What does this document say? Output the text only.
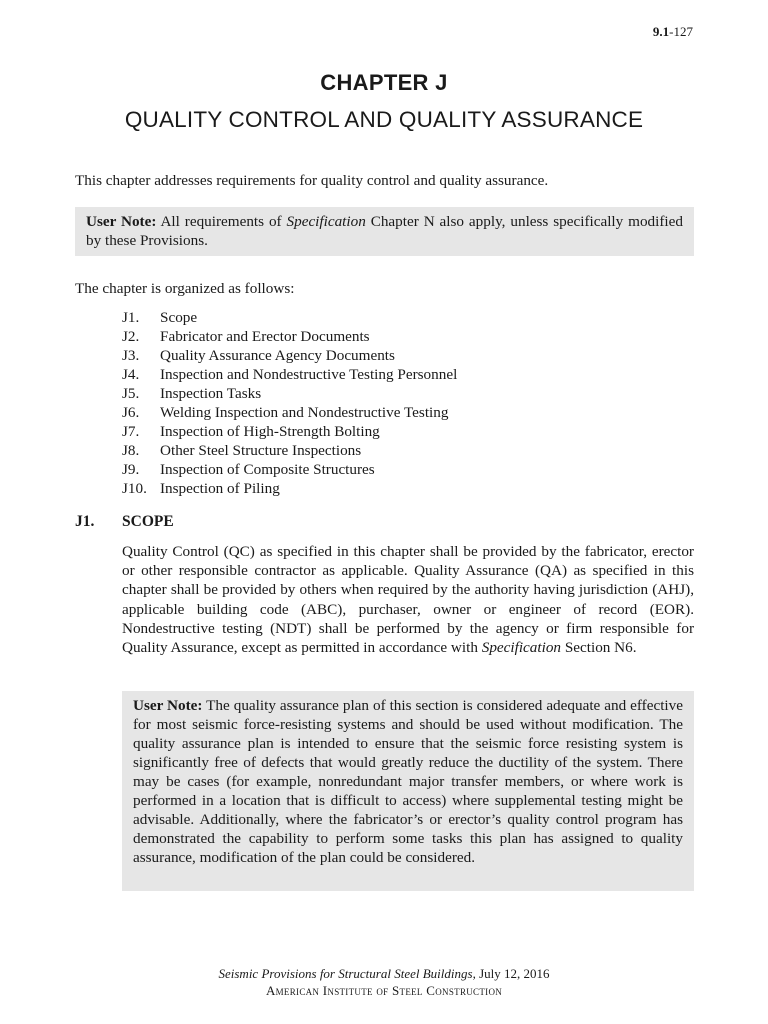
9.1-127
CHAPTER J
QUALITY CONTROL AND QUALITY ASSURANCE
This chapter addresses requirements for quality control and quality assurance.
User Note: All requirements of Specification Chapter N also apply, unless specifically modified by these Provisions.
The chapter is organized as follows:
J1. Scope
J2. Fabricator and Erector Documents
J3. Quality Assurance Agency Documents
J4. Inspection and Nondestructive Testing Personnel
J5. Inspection Tasks
J6. Welding Inspection and Nondestructive Testing
J7. Inspection of High-Strength Bolting
J8. Other Steel Structure Inspections
J9. Inspection of Composite Structures
J10. Inspection of Piling
J1. SCOPE

Quality Control (QC) as specified in this chapter shall be provided by the fabricator, erector or other responsible contractor as applicable. Quality Assurance (QA) as specified in this chapter shall be provided by others when required by the authority having jurisdiction (AHJ), applicable building code (ABC), purchaser, owner or engineer of record (EOR). Nondestructive testing (NDT) shall be performed by the agency or firm responsible for Quality Assurance, except as permitted in accordance with Specification Section N6.

User Note: The quality assurance plan of this section is considered adequate and effective for most seismic force-resisting systems and should be used without modification. The quality assurance plan is intended to ensure that the seismic force resisting system is significantly free of defects that would greatly reduce the ductility of the system. There may be cases (for example, nonredundant major transfer members, or where work is performed in a location that is difficult to access) where supplemental testing might be advisable. Additionally, where the fabricator’s or erector’s quality control program has demonstrated the capability to perform some tasks this plan has assigned to quality assurance, modification of the plan could be considered.
Seismic Provisions for Structural Steel Buildings, July 12, 2016
American Institute of Steel Construction
